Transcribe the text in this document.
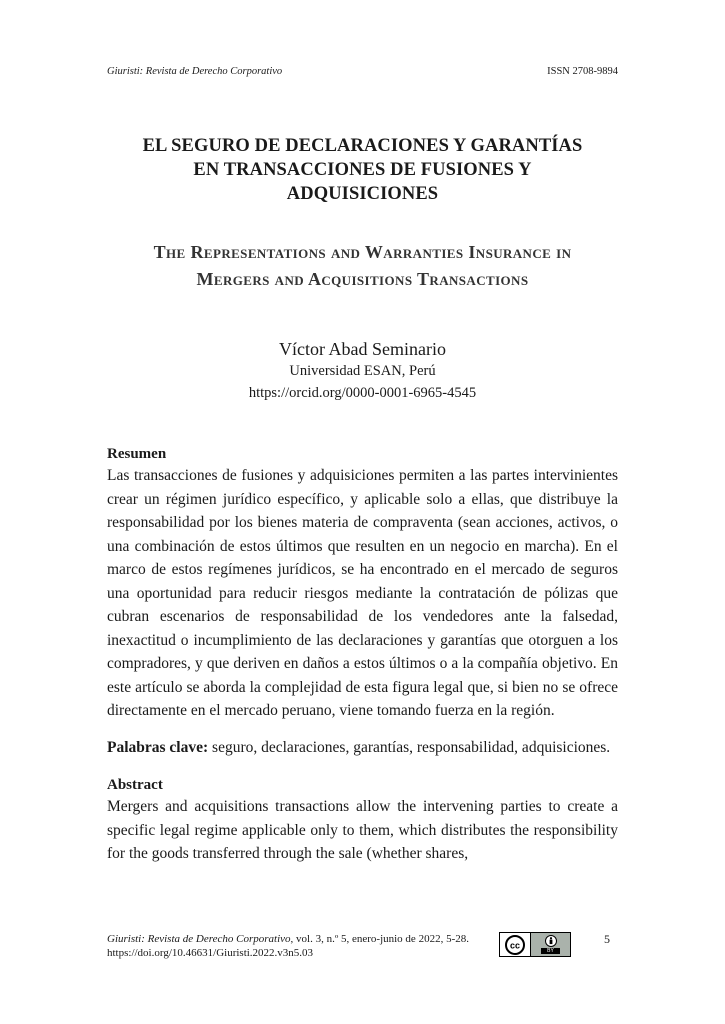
Giuristi: Revista de Derecho Corporativo	ISSN 2708-9894
EL SEGURO DE DECLARACIONES Y GARANTÍAS
EN TRANSACCIONES DE FUSIONES Y
ADQUISICIONES
The Representations and Warranties Insurance in
Mergers and Acquisitions Transactions
Víctor Abad Seminario
Universidad ESAN, Perú
https://orcid.org/0000-0001-6965-4545

Resumen

Las transacciones de fusiones y adquisiciones permiten a las partes intervinientes crear un régimen jurídico específico, y aplicable solo a ellas, que distribuye la responsabilidad por los bienes materia de compraventa (sean acciones, activos, o una combinación de estos últimos que resulten en un negocio en marcha). En el marco de estos regímenes jurídicos, se ha encontrado en el mercado de seguros una oportunidad para reducir riesgos mediante la contratación de pólizas que cubran escenarios de responsabilidad de los vendedores ante la falsedad, inexactitud o incumplimiento de las declaraciones y garantías que otorguen a los compradores, y que deriven en daños a estos últimos o a la compañía objetivo. En este artículo se aborda la complejidad de esta figura legal que, si bien no se ofrece directamente en el mercado peruano, viene tomando fuerza en la región.

Palabras clave: seguro, declaraciones, garantías, responsabilidad, adquisiciones.

Abstract

Mergers and acquisitions transactions allow the intervening parties to create a specific legal regime applicable only to them, which distributes the responsibility for the goods transferred through the sale (whether shares,

Giuristi: Revista de Derecho Corporativo, vol. 3, n.º 5, enero-junio de 2022, 5-28.
https://doi.org/10.46631/Giuristi.2022.v3n5.03
cc
BY
5
